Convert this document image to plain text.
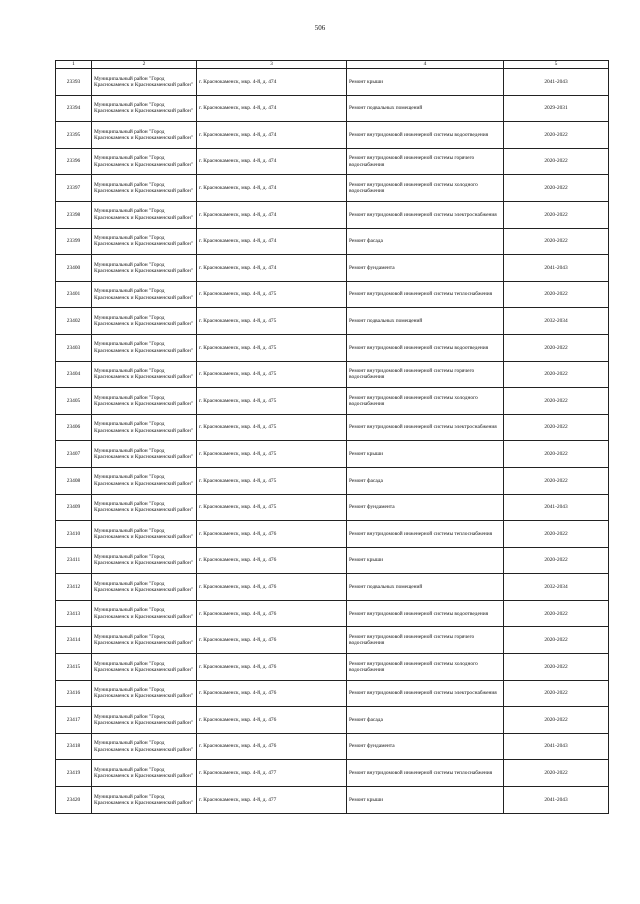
506
1	2	3	4	5
23393	Муниципальный район "Город Краснокаменск и Краснокаменский район"	г. Краснокаменск, мкр. 4-й, д. 474	Ремонт крыши	2041-2043
23394	Муниципальный район "Город Краснокаменск и Краснокаменский район"	г. Краснокаменск, мкр. 4-й, д. 474	Ремонт подвальных помещений	2029-2031
23395	Муниципальный район "Город Краснокаменск и Краснокаменский район"	г. Краснокаменск, мкр. 4-й, д. 474	Ремонт внутридомовой инженерной системы водоотведения	2020-2022
23396	Муниципальный район "Город Краснокаменск и Краснокаменский район"	г. Краснокаменск, мкр. 4-й, д. 474	Ремонт внутридомовой инженерной системы горячего водоснабжения	2020-2022
23397	Муниципальный район "Город Краснокаменск и Краснокаменский район"	г. Краснокаменск, мкр. 4-й, д. 474	Ремонт внутридомовой инженерной системы холодного водоснабжения	2020-2022
23398	Муниципальный район "Город Краснокаменск и Краснокаменский район"	г. Краснокаменск, мкр. 4-й, д. 474	Ремонт внутридомовой инженерной системы электроснабжения	2020-2022
23399	Муниципальный район "Город Краснокаменск и Краснокаменский район"	г. Краснокаменск, мкр. 4-й, д. 474	Ремонт фасада	2020-2022
23400	Муниципальный район "Город Краснокаменск и Краснокаменский район"	г. Краснокаменск, мкр. 4-й, д. 474	Ремонт фундамента	2041-2043
23401	Муниципальный район "Город Краснокаменск и Краснокаменский район"	г. Краснокаменск, мкр. 4-й, д. 475	Ремонт внутридомовой инженерной системы теплоснабжения	2020-2022
23402	Муниципальный район "Город Краснокаменск и Краснокаменский район"	г. Краснокаменск, мкр. 4-й, д. 475	Ремонт подвальных помещений	2032-2034
23403	Муниципальный район "Город Краснокаменск и Краснокаменский район"	г. Краснокаменск, мкр. 4-й, д. 475	Ремонт внутридомовой инженерной системы водоотведения	2020-2022
23404	Муниципальный район "Город Краснокаменск и Краснокаменский район"	г. Краснокаменск, мкр. 4-й, д. 475	Ремонт внутридомовой инженерной системы горячего водоснабжения	2020-2022
23405	Муниципальный район "Город Краснокаменск и Краснокаменский район"	г. Краснокаменск, мкр. 4-й, д. 475	Ремонт внутридомовой инженерной системы холодного водоснабжения	2020-2022
23406	Муниципальный район "Город Краснокаменск и Краснокаменский район"	г. Краснокаменск, мкр. 4-й, д. 475	Ремонт внутридомовой инженерной системы электроснабжения	2020-2022
23407	Муниципальный район "Город Краснокаменск и Краснокаменский район"	г. Краснокаменск, мкр. 4-й, д. 475	Ремонт крыши	2020-2022
23408	Муниципальный район "Город Краснокаменск и Краснокаменский район"	г. Краснокаменск, мкр. 4-й, д. 475	Ремонт фасада	2020-2022
23409	Муниципальный район "Город Краснокаменск и Краснокаменский район"	г. Краснокаменск, мкр. 4-й, д. 475	Ремонт фундамента	2041-2043
23410	Муниципальный район "Город Краснокаменск и Краснокаменский район"	г. Краснокаменск, мкр. 4-й, д. 476	Ремонт внутридомовой инженерной системы теплоснабжения	2020-2022
23411	Муниципальный район "Город Краснокаменск и Краснокаменский район"	г. Краснокаменск, мкр. 4-й, д. 476	Ремонт крыши	2020-2022
23412	Муниципальный район "Город Краснокаменск и Краснокаменский район"	г. Краснокаменск, мкр. 4-й, д. 476	Ремонт подвальных помещений	2032-2034
23413	Муниципальный район "Город Краснокаменск и Краснокаменский район"	г. Краснокаменск, мкр. 4-й, д. 476	Ремонт внутридомовой инженерной системы водоотведения	2020-2022
23414	Муниципальный район "Город Краснокаменск и Краснокаменский район"	г. Краснокаменск, мкр. 4-й, д. 476	Ремонт внутридомовой инженерной системы горячего водоснабжения	2020-2022
23415	Муниципальный район "Город Краснокаменск и Краснокаменский район"	г. Краснокаменск, мкр. 4-й, д. 476	Ремонт внутридомовой инженерной системы холодного водоснабжения	2020-2022
23416	Муниципальный район "Город Краснокаменск и Краснокаменский район"	г. Краснокаменск, мкр. 4-й, д. 476	Ремонт внутридомовой инженерной системы электроснабжения	2020-2022
23417	Муниципальный район "Город Краснокаменск и Краснокаменский район"	г. Краснокаменск, мкр. 4-й, д. 476	Ремонт фасада	2020-2022
23418	Муниципальный район "Город Краснокаменск и Краснокаменский район"	г. Краснокаменск, мкр. 4-й, д. 476	Ремонт фундамента	2041-2043
23419	Муниципальный район "Город Краснокаменск и Краснокаменский район"	г. Краснокаменск, мкр. 4-й, д. 477	Ремонт внутридомовой инженерной системы теплоснабжения	2020-2022
23420	Муниципальный район "Город Краснокаменск и Краснокаменский район"	г. Краснокаменск, мкр. 4-й, д. 477	Ремонт крыши	2041-2043
